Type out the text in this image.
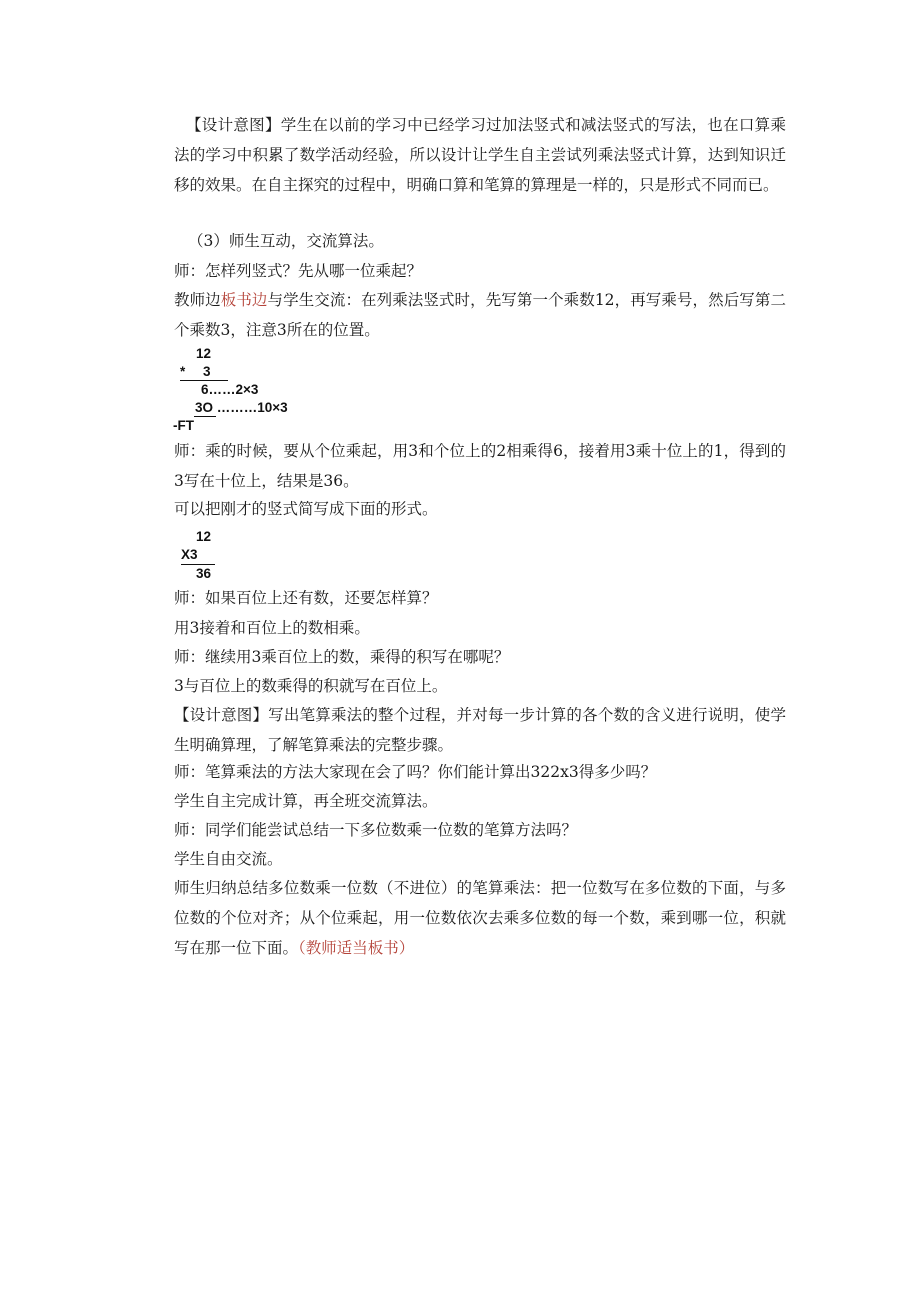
【设计意图】学生在以前的学习中已经学习过加法竖式和减法竖式的写法，也在口算乘法的学习中积累了数学活动经验，所以设计让学生自主尝试列乘法竖式计算，达到知识迁移的效果。在自主探究的过程中，明确口算和笔算的算理是一样的，只是形式不同而已。
（3）师生互动，交流算法。
师：怎样列竖式？先从哪一位乘起？
教师边板书边与学生交流：在列乘法竖式时，先写第一个乘数12，再写乘号，然后写第二个乘数3，注意3所在的位置。
12
* 3
6……2×3
3O ………10×3
-FT
师：乘的时候，要从个位乘起，用3和个位上的2相乘得6，接着用3乘十位上的1，得到的3写在十位上，结果是36。
可以把刚才的竖式简写成下面的形式。
12
X3
36
师：如果百位上还有数，还要怎样算？
用3接着和百位上的数相乘。
师：继续用3乘百位上的数，乘得的积写在哪呢？
3与百位上的数乘得的积就写在百位上。
【设计意图】写出笔算乘法的整个过程，并对每一步计算的各个数的含义进行说明，使学生明确算理，了解笔算乘法的完整步骤。
师：笔算乘法的方法大家现在会了吗？你们能计算出322x3得多少吗？
学生自主完成计算，再全班交流算法。
师：同学们能尝试总结一下多位数乘一位数的笔算方法吗？
学生自由交流。
师生归纳总结多位数乘一位数（不进位）的笔算乘法：把一位数写在多位数的下面，与多位数的个位对齐；从个位乘起，用一位数依次去乘多位数的每一个数，乘到哪一位，积就写在那一位下面。（教师适当板书）
